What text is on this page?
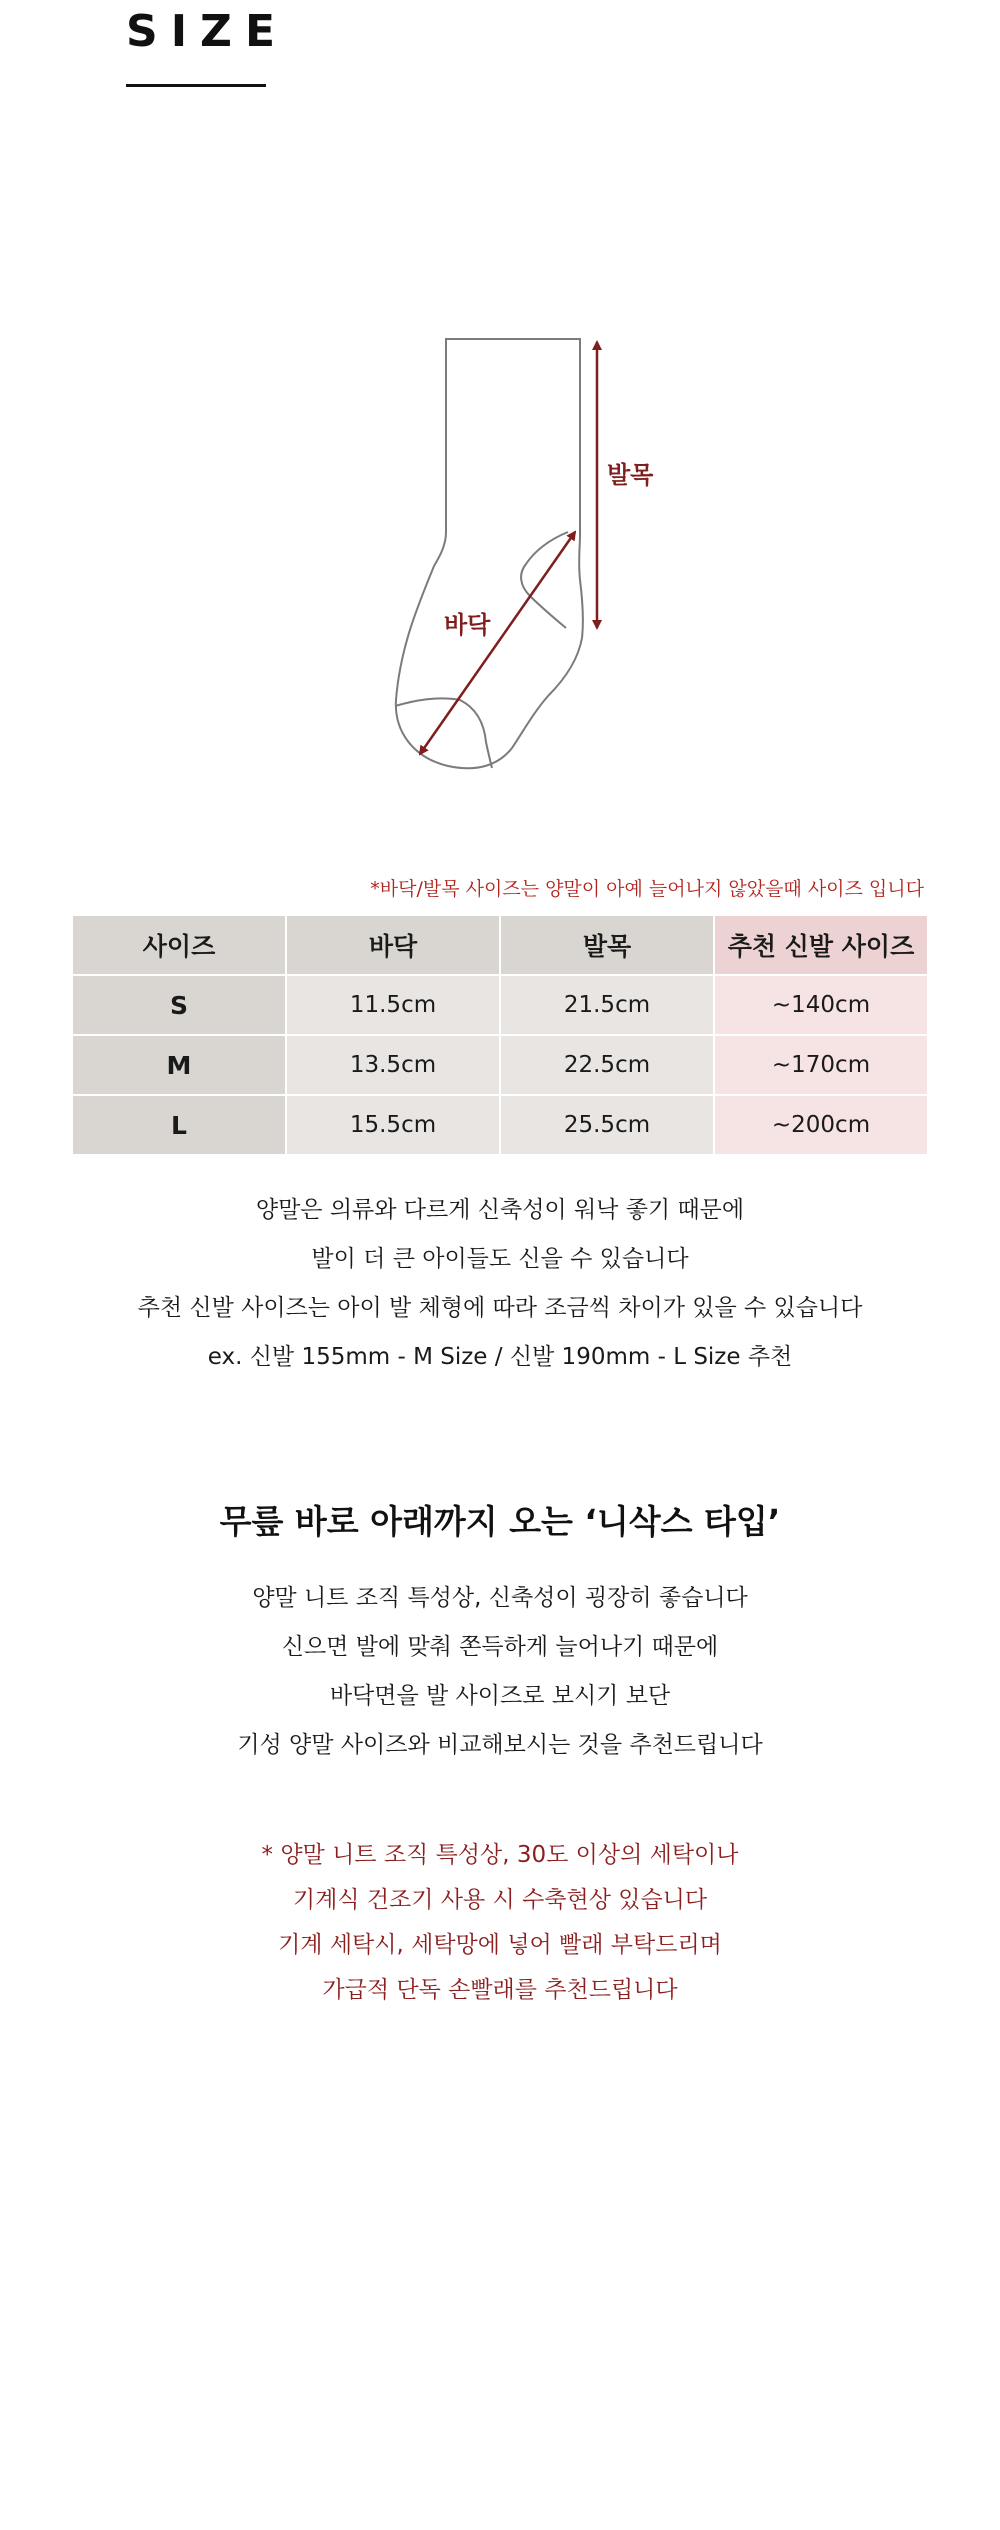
SIZE
발목
바닥

*바닥/발목 사이즈는 양말이 아예 늘어나지 않았을때 사이즈 입니다

사이즈	바닥	발목	추천 신발 사이즈
S	11.5cm	21.5cm	~140cm
M	13.5cm	22.5cm	~170cm
L	15.5cm	25.5cm	~200cm

양말은 의류와 다르게 신축성이 워낙 좋기 때문에

발이 더 큰 아이들도 신을 수 있습니다

추천 신발 사이즈는 아이 발 체형에 따라 조금씩 차이가 있을 수 있습니다

ex. 신발 155mm - M Size / 신발 190mm - L Size 추천

무릎 바로 아래까지 오는 ‘니삭스 타입’

양말 니트 조직 특성상, 신축성이 굉장히 좋습니다

신으면 발에 맞춰 쫀득하게 늘어나기 때문에

바닥면을 발 사이즈로 보시기 보단

기성 양말 사이즈와 비교해보시는 것을 추천드립니다

* 양말 니트 조직 특성상, 30도 이상의 세탁이나

기계식 건조기 사용 시 수축현상 있습니다

기계 세탁시, 세탁망에 넣어 빨래 부탁드리며

가급적 단독 손빨래를 추천드립니다
